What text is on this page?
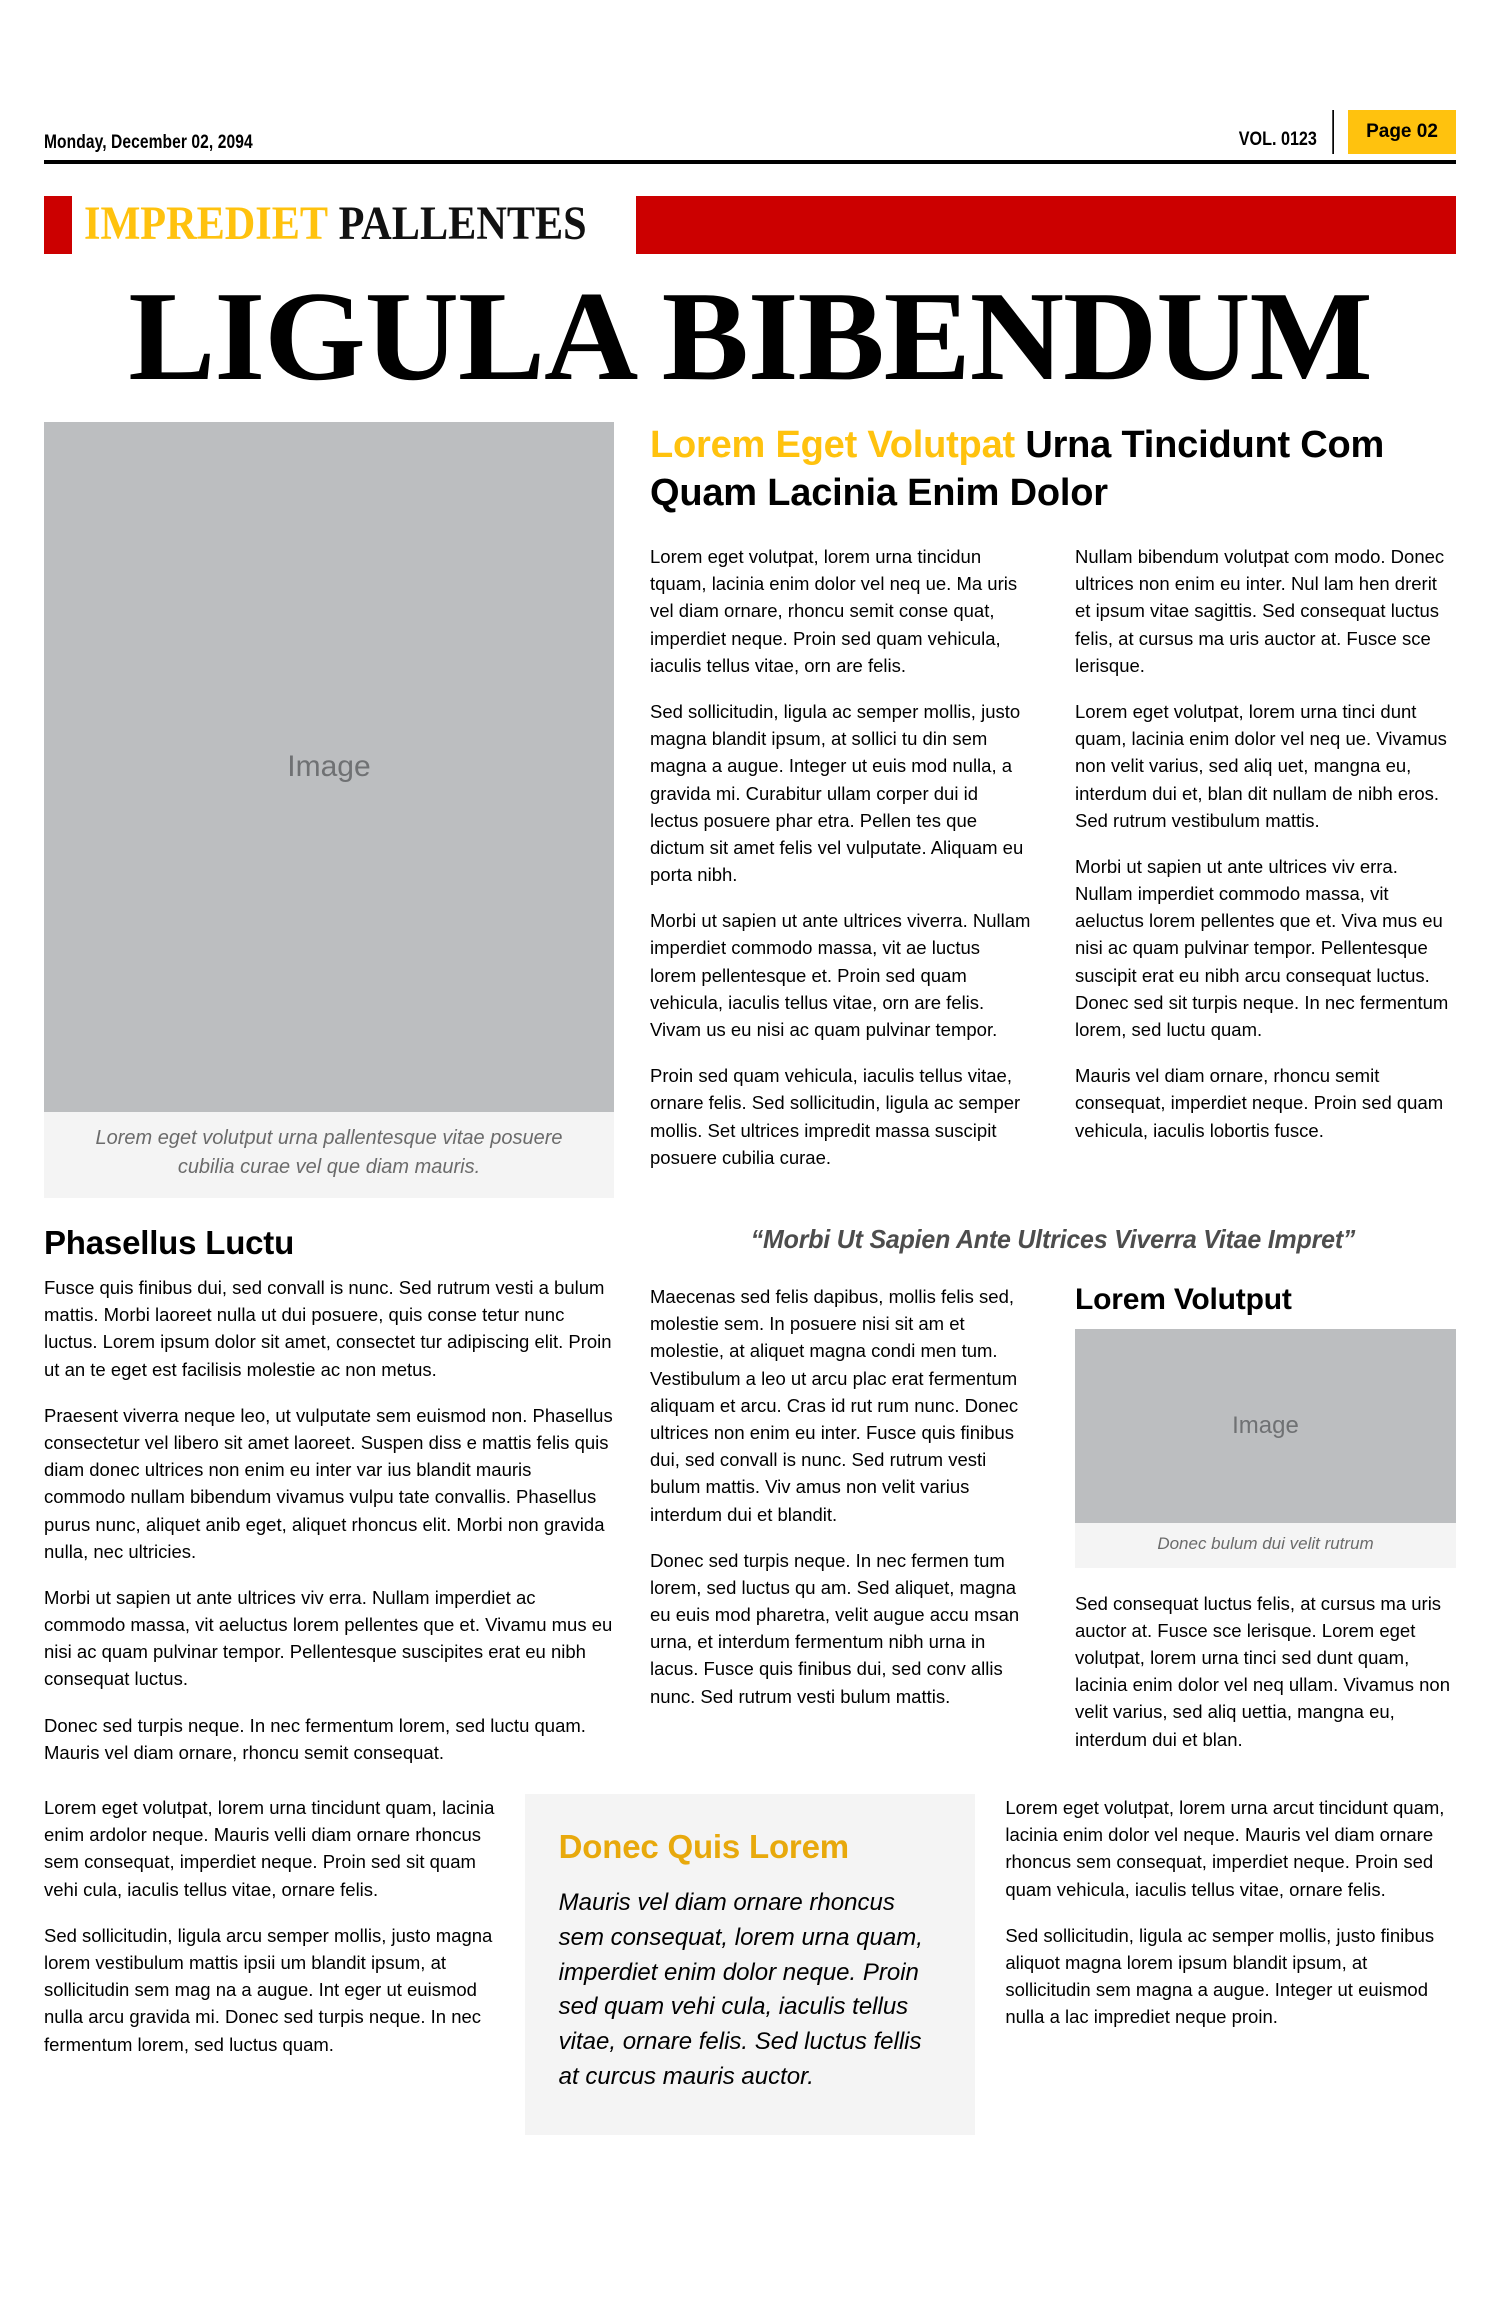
Monday, December 02, 2094	VOL. 0123	Page 02
IMPREDIET PALLENTES
LIGULA BIBENDUM
Image
Lorem eget volutput urna pallentesque vitae posuere cubilia curae vel que diam mauris.
Lorem Eget Volutpat Urna Tincidunt Com Quam Lacinia Enim Dolor

Lorem eget volutpat, lorem urna tincidun tquam, lacinia enim dolor vel neq ue. Ma uris vel diam ornare, rhoncu semit conse quat, imperdiet neque. Proin sed quam vehicula, iaculis tellus vitae, orn are felis.

Sed sollicitudin, ligula ac semper mollis, justo magna blandit ipsum, at sollici tu din sem magna a augue. Integer ut euis mod nulla, a gravida mi. Curabitur ullam corper dui id lectus posuere phar etra. Pellen tes que dictum sit amet felis vel vulputate. Aliquam eu porta nibh.

Morbi ut sapien ut ante ultrices viverra. Nullam imperdiet commodo massa, vit ae luctus lorem pellentesque et. Proin sed quam vehicula, iaculis tellus vitae, orn are felis. Vivam us eu nisi ac quam pulvinar tempor.

Proin sed quam vehicula, iaculis tellus vitae, ornare felis. Sed sollicitudin, ligula ac semper mollis. Set ultrices impredit massa suscipit posuere cubilia curae.

Nullam bibendum volutpat com modo. Donec ultrices non enim eu inter. Nul lam hen drerit et ipsum vitae sagittis. Sed consequat luctus felis, at cursus ma uris auctor at. Fusce sce lerisque.

Lorem eget volutpat, lorem urna tinci dunt quam, lacinia enim dolor vel neq ue. Vivamus non velit varius, sed aliq uet, mangna eu, interdum dui et, blan dit nullam de nibh eros. Sed rutrum vestibulum mattis.

Morbi ut sapien ut ante ultrices viv erra. Nullam imperdiet commodo massa, vit aeluctus lorem pellentes que et. Viva mus eu nisi ac quam pulvinar tempor. Pellentesque suscipit erat eu nibh arcu consequat luctus. Donec sed sit turpis neque. In nec fermentum lorem, sed luctu quam.

Mauris vel diam ornare, rhoncu semit consequat, imperdiet neque. Proin sed quam vehicula, iaculis lobortis fusce.

Phasellus Luctu

Fusce quis finibus dui, sed convall is nunc. Sed rutrum vesti a bulum mattis. Morbi laoreet nulla ut dui posuere, quis conse tetur nunc luctus. Lorem ipsum dolor sit amet, consectet tur adipiscing elit. Proin ut an te eget est facilisis molestie ac non metus.

Praesent viverra neque leo, ut vulputate sem euismod non. Phasellus consectetur vel libero sit amet laoreet. Suspen diss e mattis felis quis diam donec ultrices non enim eu inter var ius blandit mauris commodo nullam bibendum vivamus vulpu tate convallis. Phasellus purus nunc, aliquet anib eget, aliquet rhoncus elit. Morbi non gravida nulla, nec ultricies.

Morbi ut sapien ut ante ultrices viv erra. Nullam imperdiet ac commodo massa, vit aeluctus lorem pellentes que et. Vivamu mus eu nisi ac quam pulvinar tempor. Pellentesque suscipites erat eu nibh consequat luctus.

Donec sed turpis neque. In nec fermentum lorem, sed luctu quam. Mauris vel diam ornare, rhoncu semit consequat.

“Morbi Ut Sapien Ante Ultrices Viverra Vitae Impret”

Maecenas sed felis dapibus, mollis felis sed, molestie sem. In posuere nisi sit am et molestie, at aliquet magna condi men tum. Vestibulum a leo ut arcu plac erat fermentum aliquam et arcu. Cras id rut rum nunc. Donec ultrices non enim eu inter. Fusce quis finibus dui, sed convall is nunc. Sed rutrum vesti bulum mattis. Viv amus non velit varius interdum dui et blandit.

Donec sed turpis neque. In nec fermen tum lorem, sed luctus qu am. Sed aliquet, magna eu euis mod pharetra, velit augue accu msan urna, et interdum fermentum nibh urna in lacus. Fusce quis finibus dui, sed conv allis nunc. Sed rutrum vesti bulum mattis.

Lorem Volutput
Image
Donec bulum dui velit rutrum

Sed consequat luctus felis, at cursus ma uris auctor at. Fusce sce lerisque. Lorem eget volutpat, lorem urna tinci sed dunt quam, lacinia enim dolor vel neq ullam. Vivamus non velit varius, sed aliq uettia, mangna eu, interdum dui et blan.

Lorem eget volutpat, lorem urna tincidunt quam, lacinia enim ardolor neque. Mauris velli diam ornare rhoncus sem consequat, imperdiet neque. Proin sed sit quam vehi cula, iaculis tellus vitae, ornare felis.

Sed sollicitudin, ligula arcu semper mollis, justo magna lorem vestibulum mattis ipsii um blandit ipsum, at sollicitudin sem mag na a augue. Int eger ut euismod nulla arcu gravida mi. Donec sed turpis neque. In nec fermentum lorem, sed luctus quam.

Donec Quis Lorem

Mauris vel diam ornare rhoncus sem consequat, lorem urna quam, imperdiet enim dolor neque. Proin sed quam vehi cula, iaculis tellus vitae, ornare felis. Sed luctus fellis at curcus mauris auctor.

Lorem eget volutpat, lorem urna arcut tincidunt quam, lacinia enim dolor vel neque. Mauris vel diam ornare rhoncus sem consequat, imperdiet neque. Proin sed quam vehicula, iaculis tellus vitae, ornare felis.

Sed sollicitudin, ligula ac semper mollis, justo finibus aliquot magna lorem ipsum blandit ipsum, at sollicitudin sem magna a augue. Integer ut euismod nulla a lac imprediet neque proin.
